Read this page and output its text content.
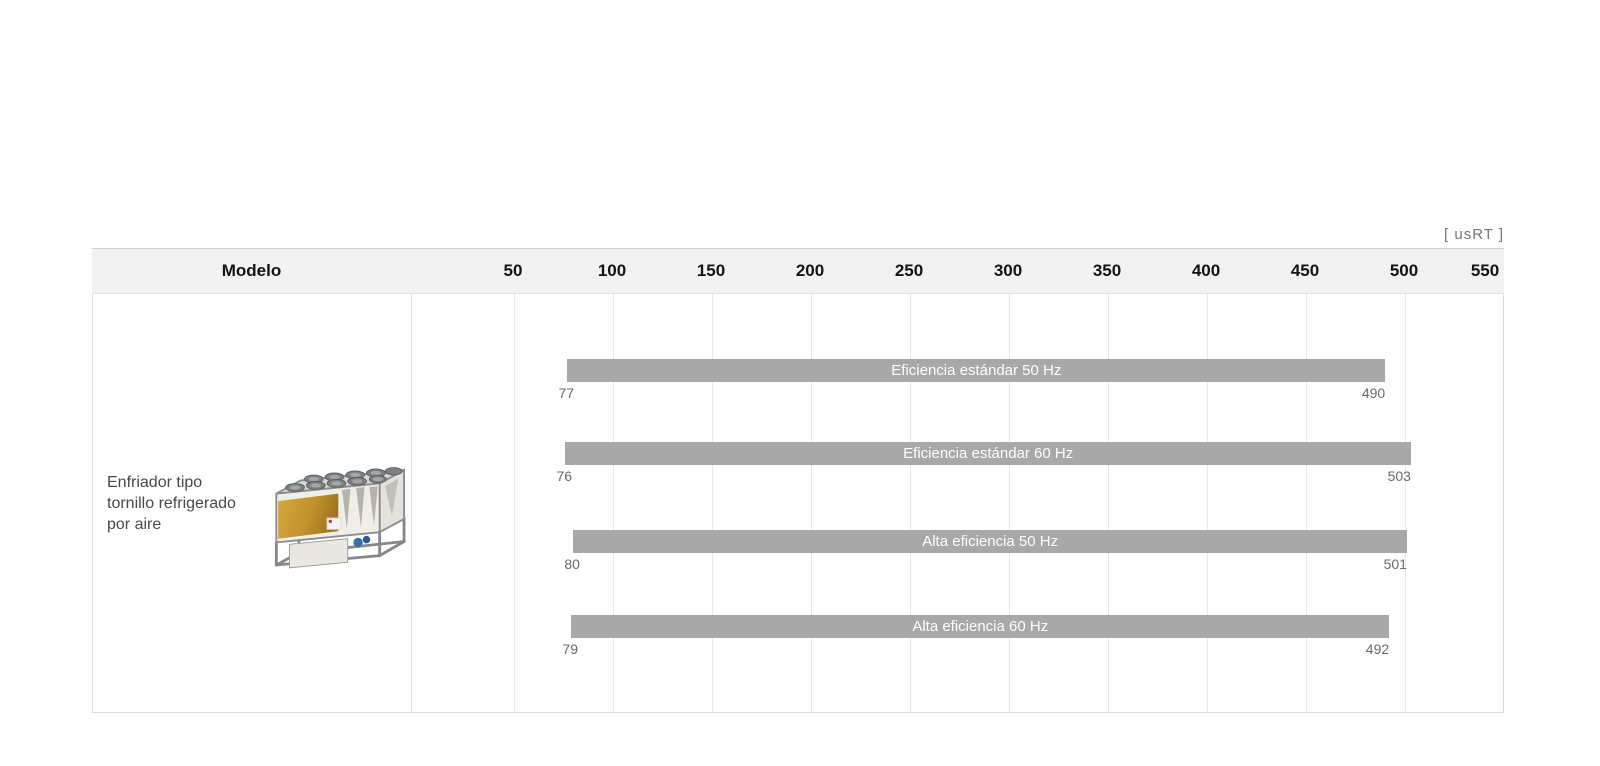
[ usRT ]
Modelo	50	100	150	200	250	300	350	400	450	500	550
Enfriador tipo tornillo refrigerado por aire
Eficiencia estándar 50 Hz
77	490
Eficiencia estándar 60 Hz
76	503
Alta eficiencia 50 Hz
80	501
Alta eficiencia 60 Hz
79	492
